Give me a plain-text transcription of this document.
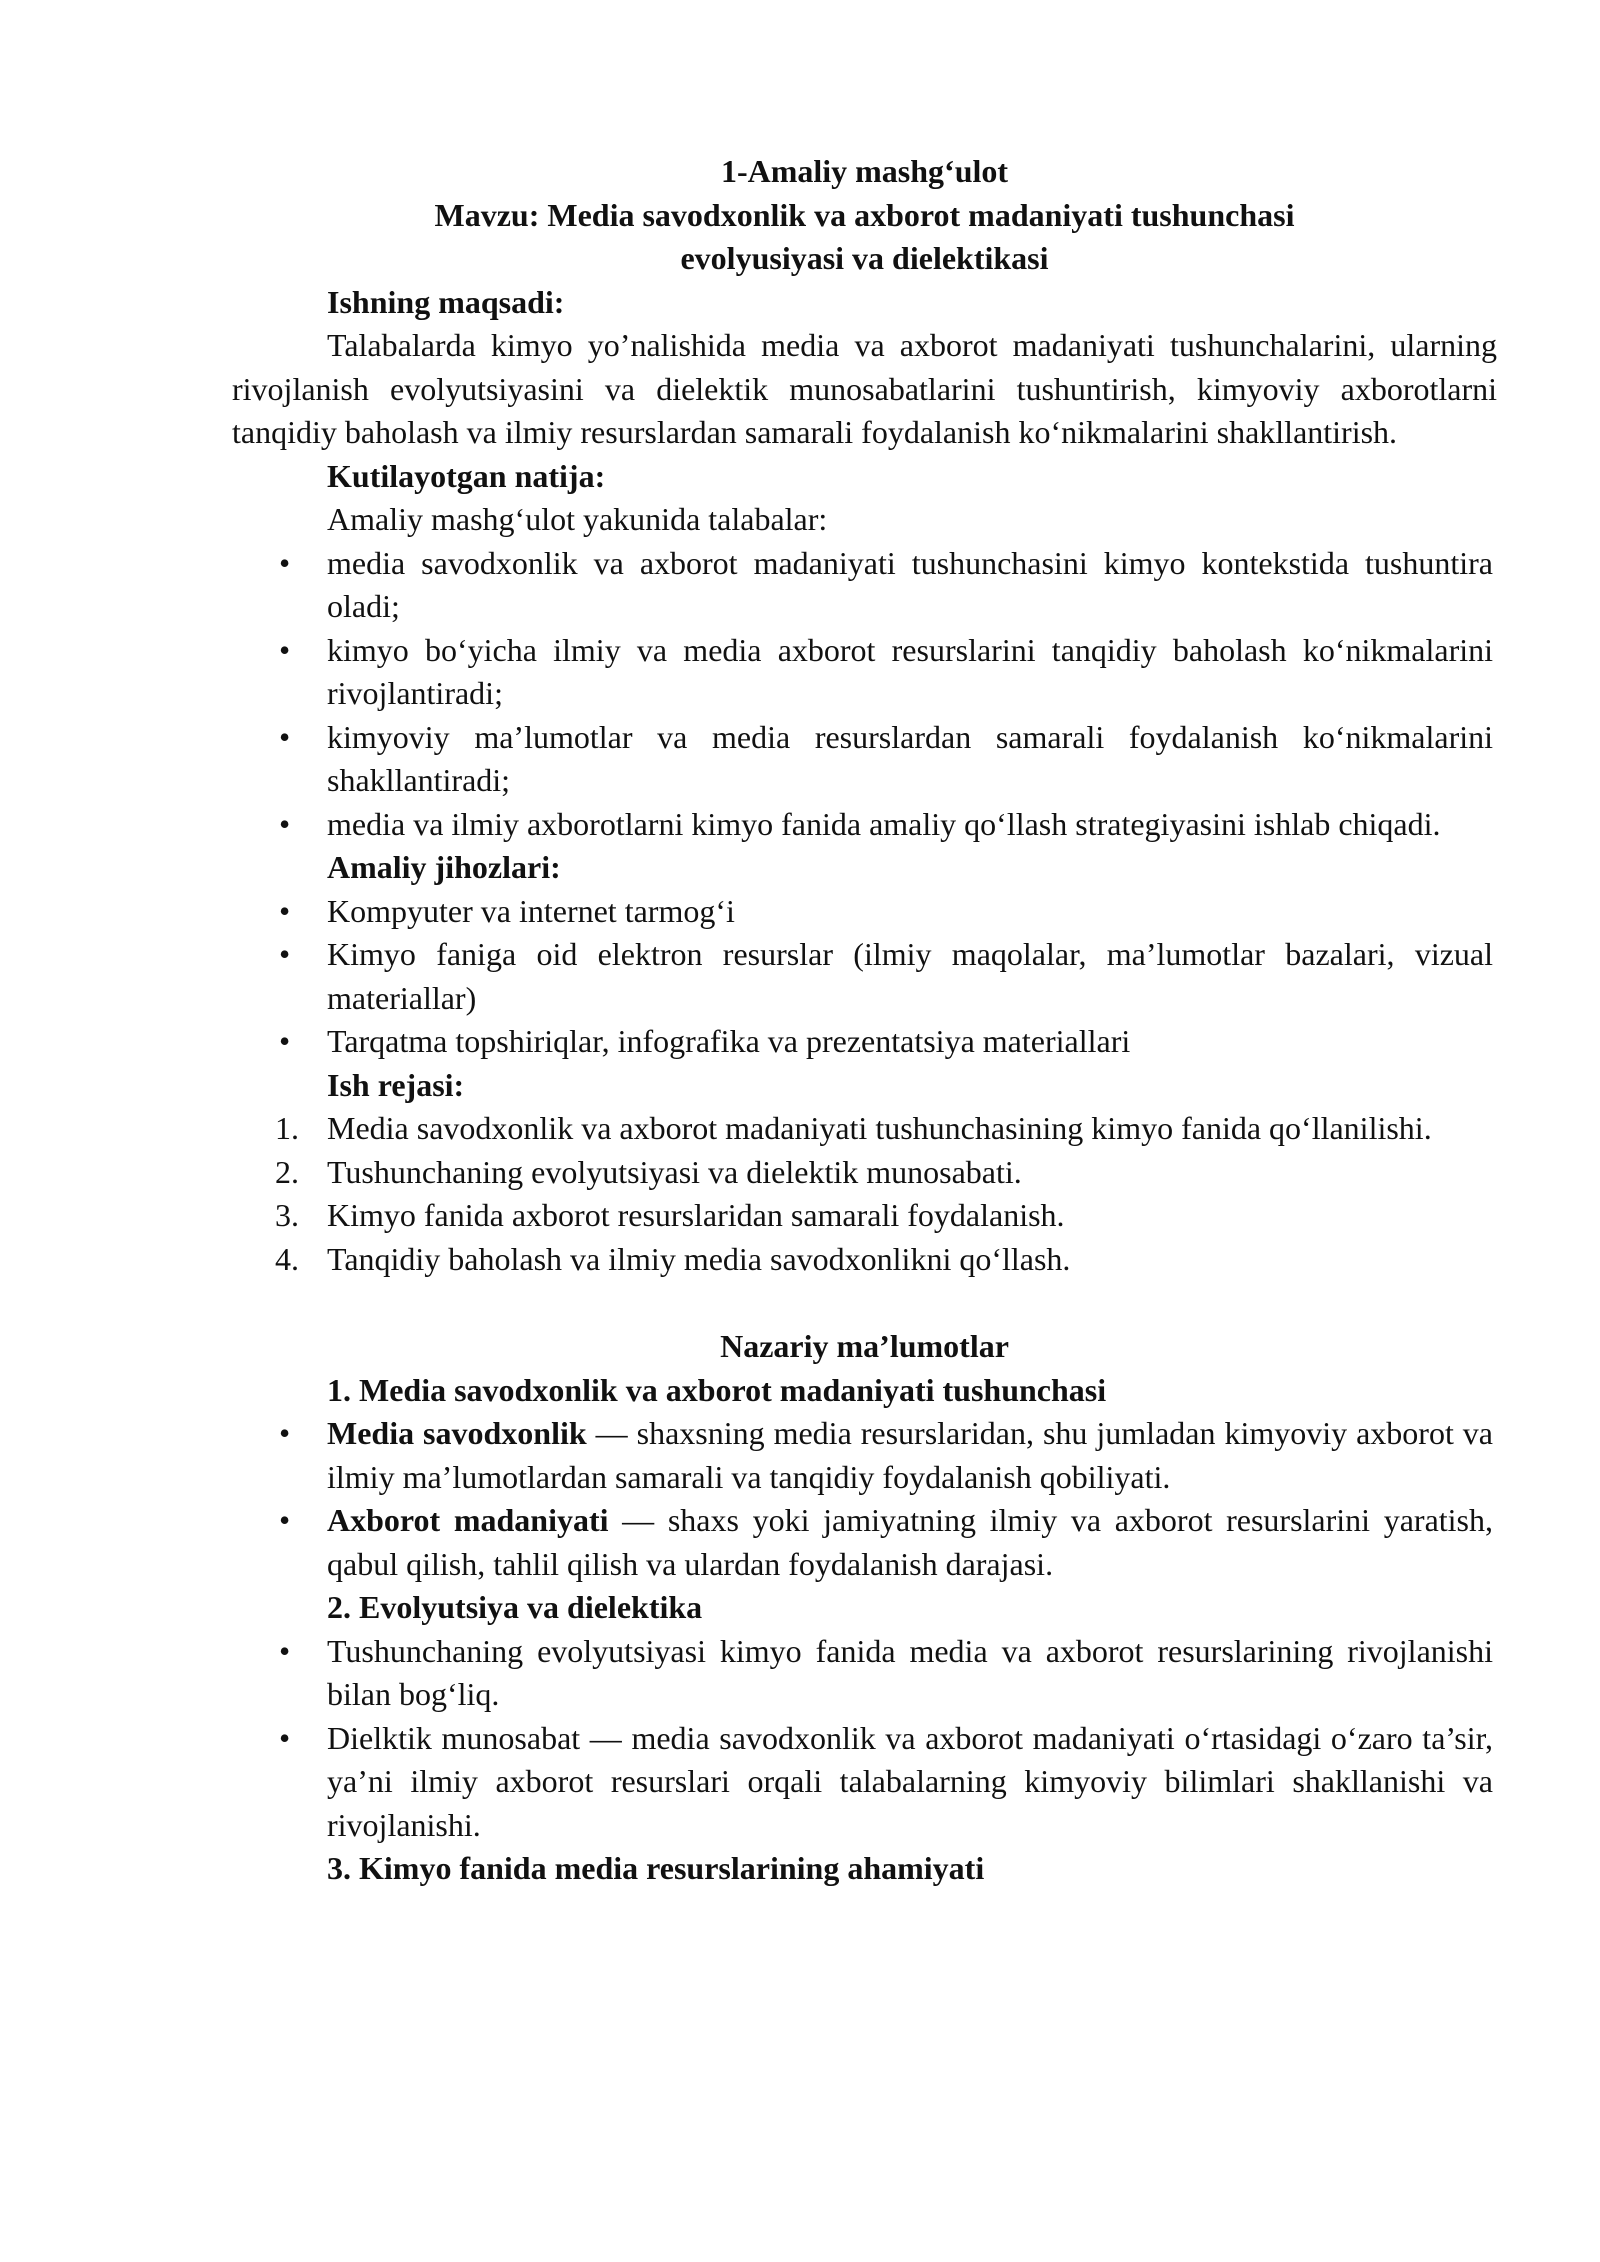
1-Amaliy mashg‘ulot
Mavzu: Media savodxonlik va axborot madaniyati tushunchasi
evolyusiyasi va dielektikasi
Ishning maqsadi:

Talabalarda kimyo yo’nalishida media va axborot madaniyati tushunchalarini, ularning rivojlanish evolyutsiyasini va dielektik munosabatlarini tushuntirish, kimyoviy axborotlarni tanqidiy baholash va ilmiy resurslardan samarali foydalanish ko‘nikmalarini shakllantirish.

Kutilayotgan natija:
Amaliy mashg‘ulot yakunida talabalar:
• media savodxonlik va axborot madaniyati tushunchasini kimyo kontekstida tushuntira oladi;
• kimyo bo‘yicha ilmiy va media axborot resurslarini tanqidiy baholash ko‘nikmalarini rivojlantiradi;
• kimyoviy ma’lumotlar va media resurslardan samarali foydalanish ko‘nikmalarini shakllantiradi;
• media va ilmiy axborotlarni kimyo fanida amaliy qo‘llash strategiyasini ishlab chiqadi.
Amaliy jihozlari:
• Kompyuter va internet tarmog‘i
• Kimyo faniga oid elektron resurslar (ilmiy maqolalar, ma’lumotlar bazalari, vizual materiallar)
• Tarqatma topshiriqlar, infografika va prezentatsiya materiallari
Ish rejasi:
1. Media savodxonlik va axborot madaniyati tushunchasining kimyo fanida qo‘llanilishi.
2. Tushunchaning evolyutsiyasi va dielektik munosabati.
3. Kimyo fanida axborot resurslaridan samarali foydalanish.
4. Tanqidiy baholash va ilmiy media savodxonlikni qo‘llash.
Nazariy ma’lumotlar
1. Media savodxonlik va axborot madaniyati tushunchasi
• Media savodxonlik — shaxsning media resurslaridan, shu jumladan kimyoviy axborot va ilmiy ma’lumotlardan samarali va tanqidiy foydalanish qobiliyati.
• Axborot madaniyati — shaxs yoki jamiyatning ilmiy va axborot resurslarini yaratish, qabul qilish, tahlil qilish va ulardan foydalanish darajasi.
2. Evolyutsiya va dielektika
• Tushunchaning evolyutsiyasi kimyo fanida media va axborot resurslarining rivojlanishi bilan bog‘liq.
• Dielktik munosabat — media savodxonlik va axborot madaniyati o‘rtasidagi o‘zaro ta’sir, ya’ni ilmiy axborot resurslari orqali talabalarning kimyoviy bilimlari shakllanishi va rivojlanishi.
3. Kimyo fanida media resurslarining ahamiyati
